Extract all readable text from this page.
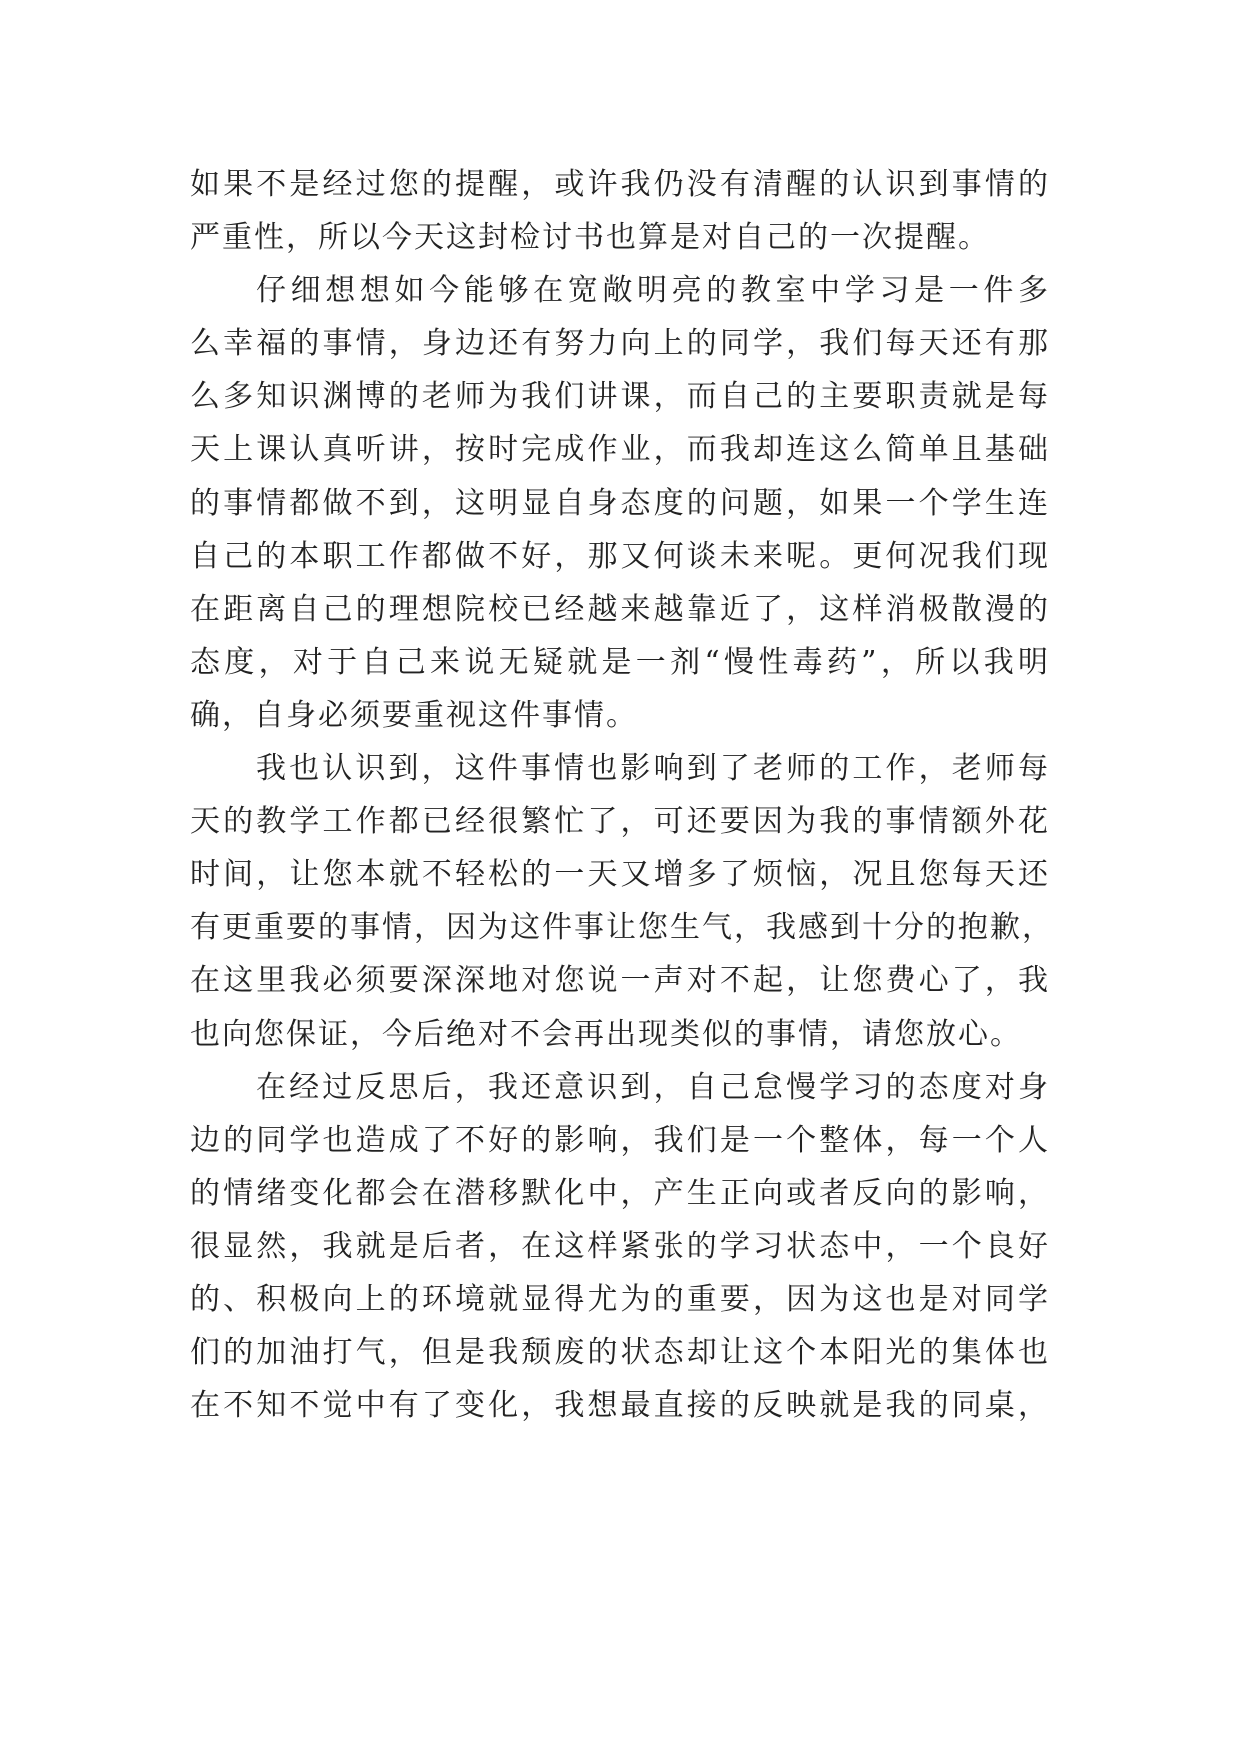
如果不是经过您的提醒，或许我仍没有清醒的认识到事情的
严重性，所以今天这封检讨书也算是对自己的一次提醒。
仔细想想如今能够在宽敞明亮的教室中学习是一件多
么幸福的事情，身边还有努力向上的同学，我们每天还有那
么多知识渊博的老师为我们讲课，而自己的主要职责就是每
天上课认真听讲，按时完成作业，而我却连这么简单且基础
的事情都做不到，这明显自身态度的问题，如果一个学生连
自己的本职工作都做不好，那又何谈未来呢。更何况我们现
在距离自己的理想院校已经越来越靠近了，这样消极散漫的
态度，对于自己来说无疑就是一剂“慢性毒药”，所以我明
确，自身必须要重视这件事情。
我也认识到，这件事情也影响到了老师的工作，老师每
天的教学工作都已经很繁忙了，可还要因为我的事情额外花
时间，让您本就不轻松的一天又增多了烦恼，况且您每天还
有更重要的事情，因为这件事让您生气，我感到十分的抱歉，
在这里我必须要深深地对您说一声对不起，让您费心了，我
也向您保证，今后绝对不会再出现类似的事情，请您放心。
在经过反思后，我还意识到，自己怠慢学习的态度对身
边的同学也造成了不好的影响，我们是一个整体，每一个人
的情绪变化都会在潜移默化中，产生正向或者反向的影响，
很显然，我就是后者，在这样紧张的学习状态中，一个良好
的、积极向上的环境就显得尤为的重要，因为这也是对同学
们的加油打气，但是我颓废的状态却让这个本阳光的集体也
在不知不觉中有了变化，我想最直接的反映就是我的同桌，
